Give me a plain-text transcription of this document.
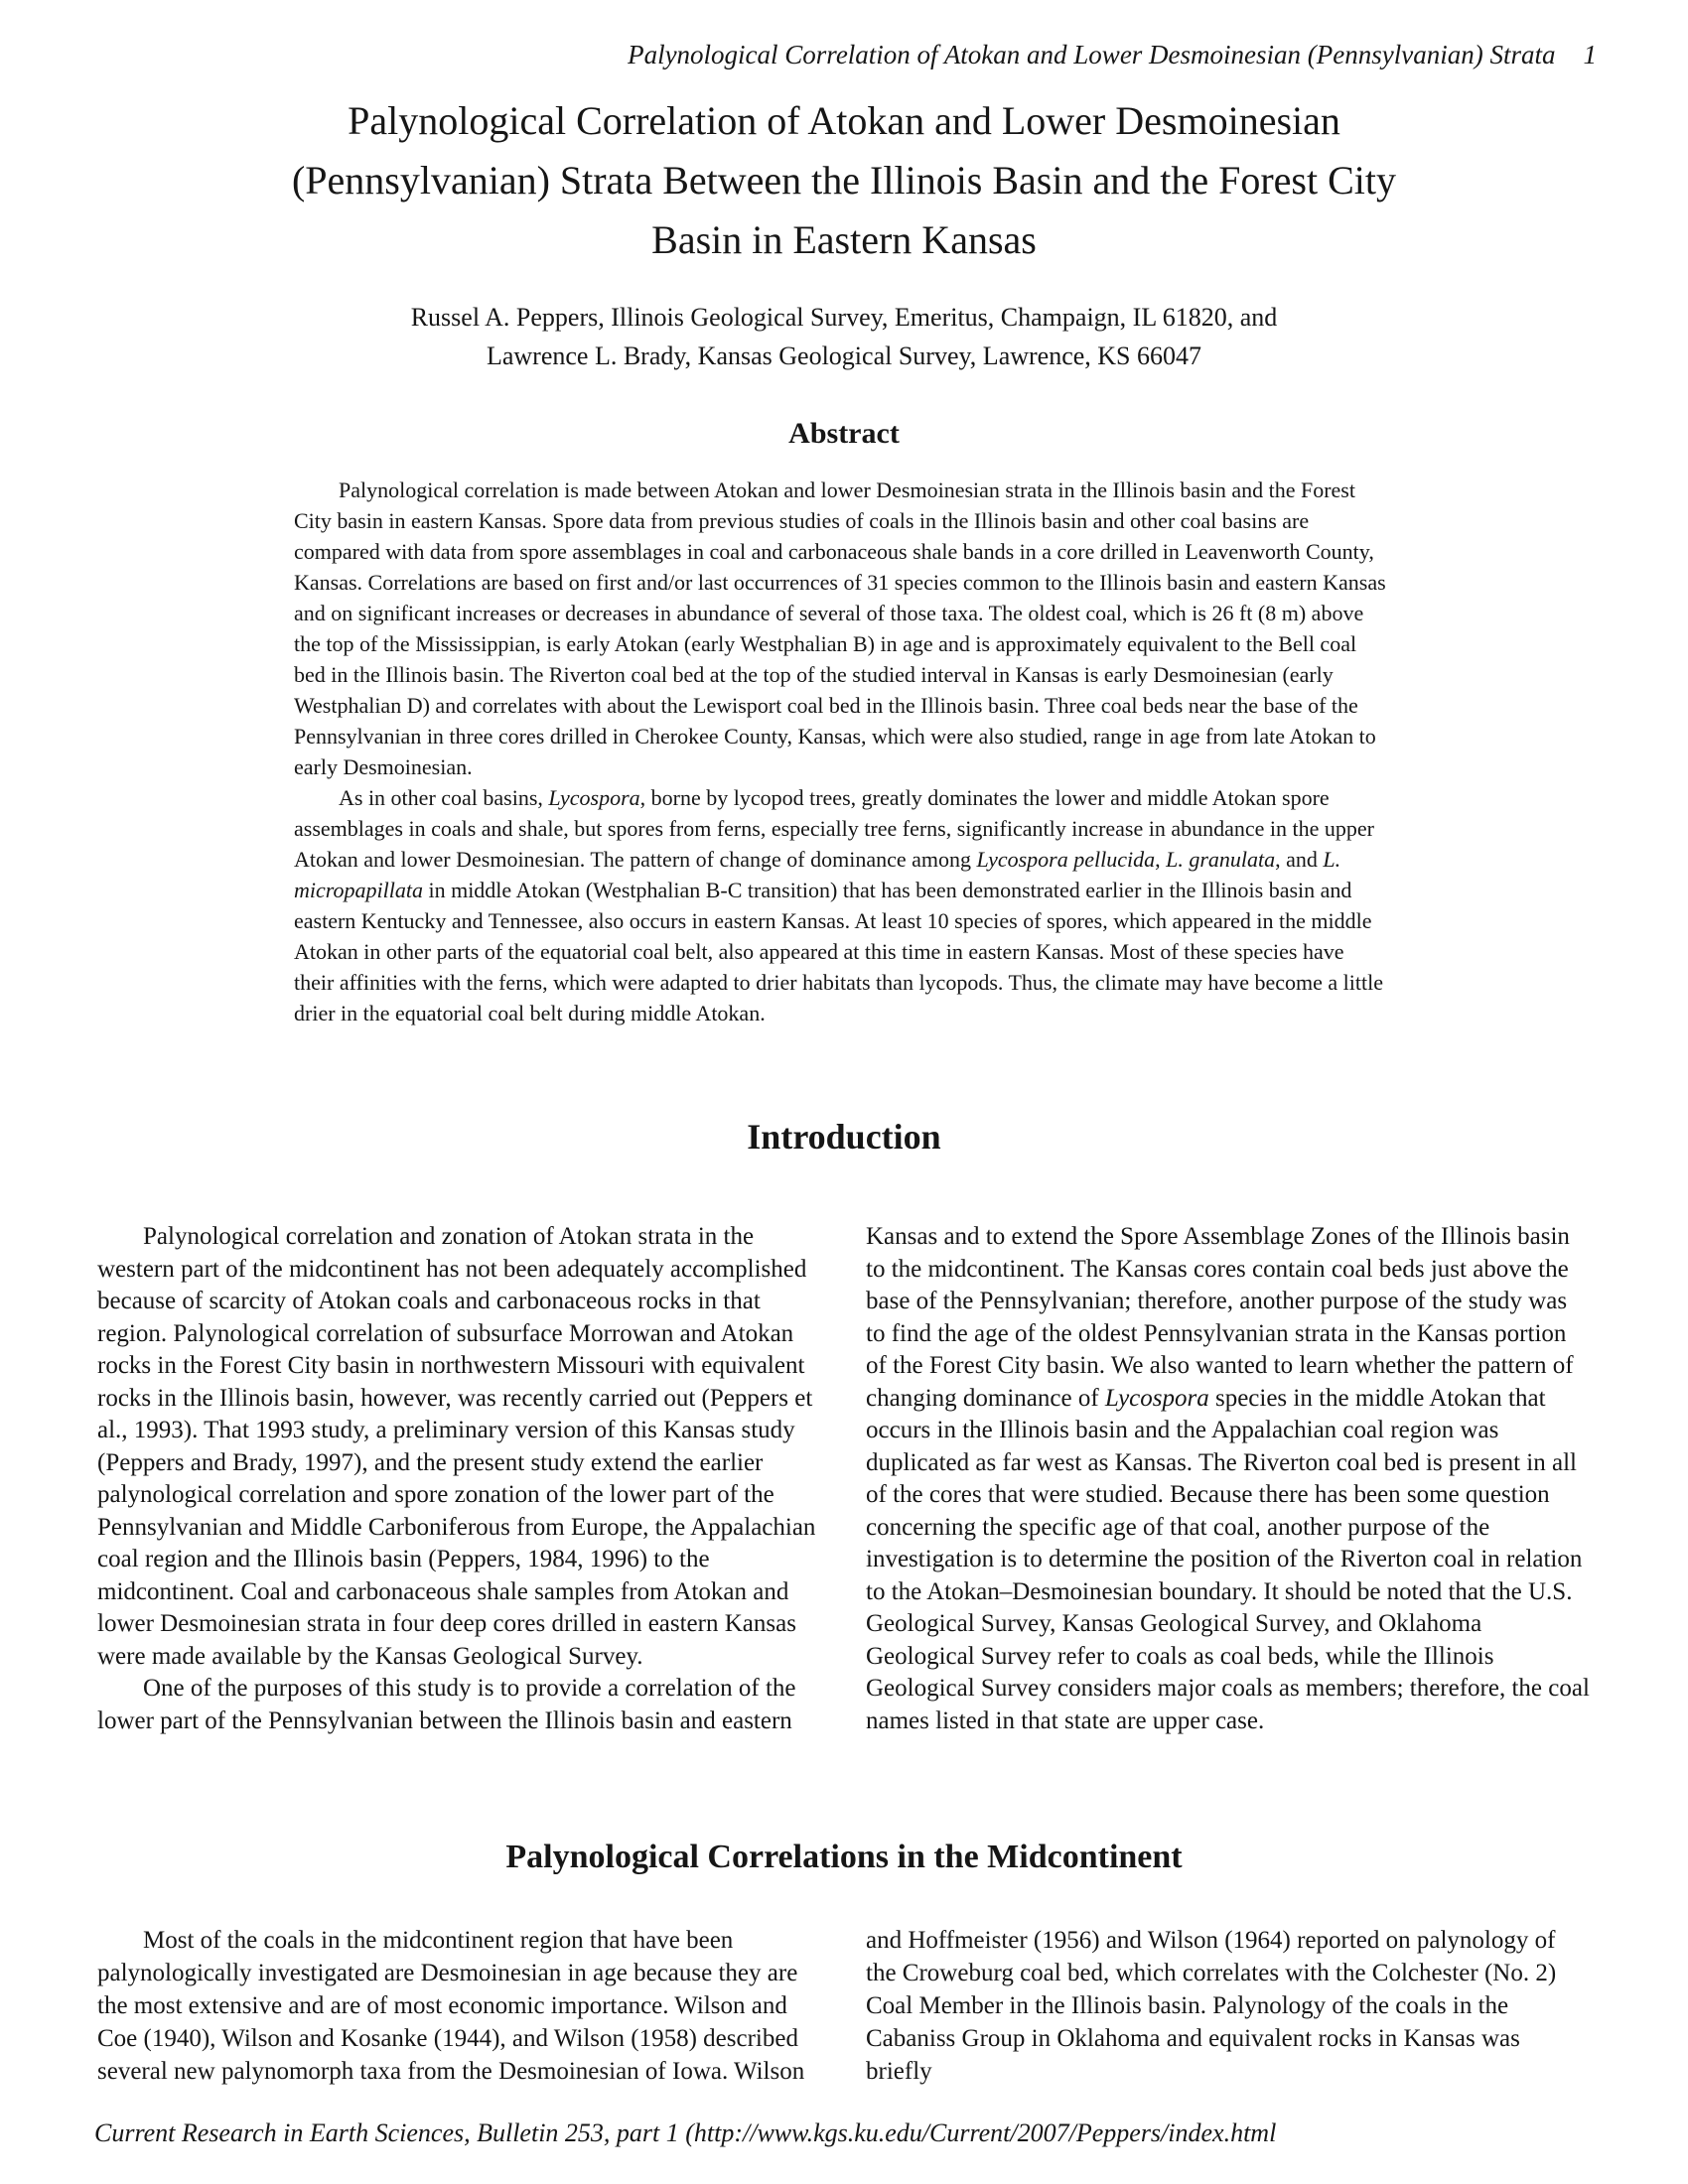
Palynological Correlation of Atokan and Lower Desmoinesian (Pennsylvanian) Strata 1
Palynological Correlation of Atokan and Lower Desmoinesian
(Pennsylvanian) Strata Between the Illinois Basin and the Forest City
Basin in Eastern Kansas
Russel A. Peppers, Illinois Geological Survey, Emeritus, Champaign, IL 61820, and
Lawrence L. Brady, Kansas Geological Survey, Lawrence, KS 66047
Abstract

Palynological correlation is made between Atokan and lower Desmoinesian strata in the Illinois basin and the Forest City basin in eastern Kansas. Spore data from previous studies of coals in the Illinois basin and other coal basins are compared with data from spore assemblages in coal and carbonaceous shale bands in a core drilled in Leavenworth County, Kansas. Correlations are based on first and/or last occurrences of 31 species common to the Illinois basin and eastern Kansas and on significant increases or decreases in abundance of several of those taxa. The oldest coal, which is 26 ft (8 m) above the top of the Mississippian, is early Atokan (early Westphalian B) in age and is approximately equivalent to the Bell coal bed in the Illinois basin. The Riverton coal bed at the top of the studied interval in Kansas is early Desmoinesian (early Westphalian D) and correlates with about the Lewisport coal bed in the Illinois basin. Three coal beds near the base of the Pennsylvanian in three cores drilled in Cherokee County, Kansas, which were also studied, range in age from late Atokan to early Desmoinesian.

As in other coal basins, Lycospora, borne by lycopod trees, greatly dominates the lower and middle Atokan spore assemblages in coals and shale, but spores from ferns, especially tree ferns, significantly increase in abundance in the upper Atokan and lower Desmoinesian. The pattern of change of dominance among Lycospora pellucida, L. granulata, and L. micropapillata in middle Atokan (Westphalian B-C transition) that has been demonstrated earlier in the Illinois basin and eastern Kentucky and Tennessee, also occurs in eastern Kansas. At least 10 species of spores, which appeared in the middle Atokan in other parts of the equatorial coal belt, also appeared at this time in eastern Kansas. Most of these species have their affinities with the ferns, which were adapted to drier habitats than lycopods. Thus, the climate may have become a little drier in the equatorial coal belt during middle Atokan.

Introduction

Palynological correlation and zonation of Atokan strata in the western part of the midcontinent has not been adequately accomplished because of scarcity of Atokan coals and carbonaceous rocks in that region. Palynological correlation of subsurface Morrowan and Atokan rocks in the Forest City basin in northwestern Missouri with equivalent rocks in the Illinois basin, however, was recently carried out (Peppers et al., 1993). That 1993 study, a preliminary version of this Kansas study (Peppers and Brady, 1997), and the present study extend the earlier palynological correlation and spore zonation of the lower part of the Pennsylvanian and Middle Carboniferous from Europe, the Appalachian coal region and the Illinois basin (Peppers, 1984, 1996) to the midcontinent. Coal and carbonaceous shale samples from Atokan and lower Desmoinesian strata in four deep cores drilled in eastern Kansas were made available by the Kansas Geological Survey.

One of the purposes of this study is to provide a correlation of the lower part of the Pennsylvanian between the Illinois basin and eastern Kansas and to extend the Spore Assemblage Zones of the Illinois basin to the midcontinent. The Kansas cores contain coal beds just above the base of the Pennsylvanian; therefore, another purpose of the study was to find the age of the oldest Pennsylvanian strata in the Kansas portion of the Forest City basin. We also wanted to learn whether the pattern of changing dominance of Lycospora species in the middle Atokan that occurs in the Illinois basin and the Appalachian coal region was duplicated as far west as Kansas. The Riverton coal bed is present in all of the cores that were studied. Because there has been some question concerning the specific age of that coal, another purpose of the investigation is to determine the position of the Riverton coal in relation to the Atokan–Desmoinesian boundary. It should be noted that the U.S. Geological Survey, Kansas Geological Survey, and Oklahoma Geological Survey refer to coals as coal beds, while the Illinois Geological Survey considers major coals as members; therefore, the coal names listed in that state are upper case.

Palynological Correlations in the Midcontinent

Most of the coals in the midcontinent region that have been palynologically investigated are Desmoinesian in age because they are the most extensive and are of most economic importance. Wilson and Coe (1940), Wilson and Kosanke (1944), and Wilson (1958) described several new palynomorph taxa from the Desmoinesian of Iowa. Wilson and Hoffmeister (1956) and Wilson (1964) reported on palynology of the Croweburg coal bed, which correlates with the Colchester (No. 2) Coal Member in the Illinois basin. Palynology of the coals in the Cabaniss Group in Oklahoma and equivalent rocks in Kansas was briefly

Current Research in Earth Sciences, Bulletin 253, part 1 (http://www.kgs.ku.edu/Current/2007/Peppers/index.html
